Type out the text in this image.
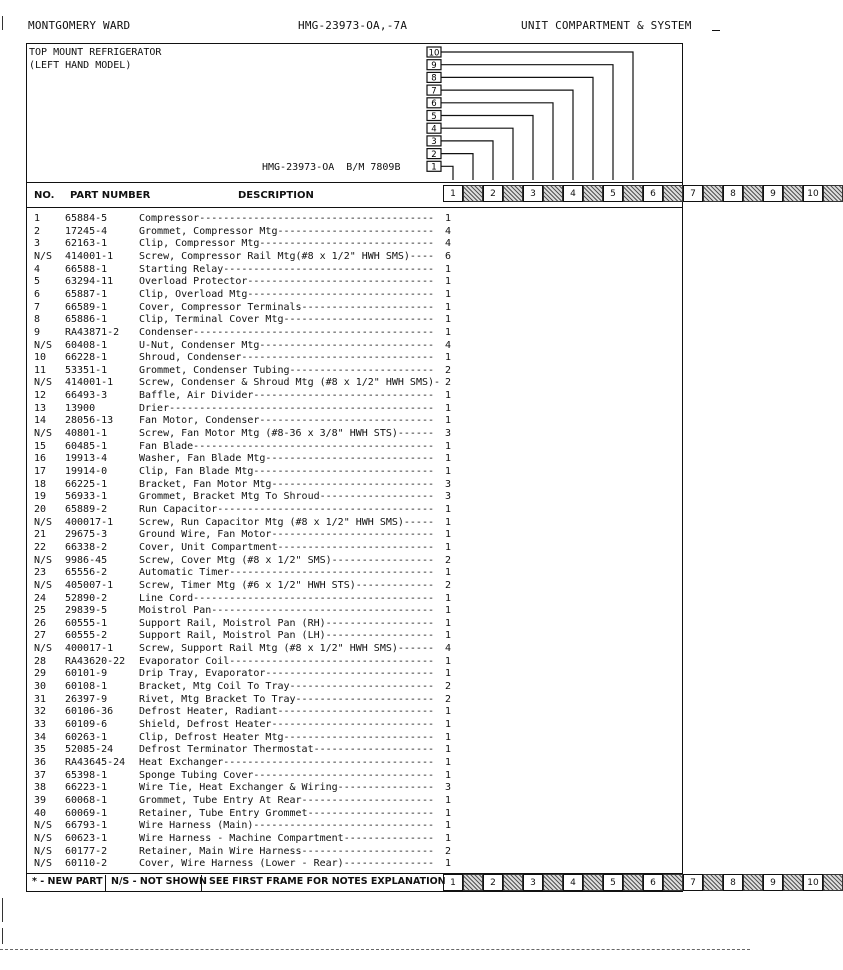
MONTGOMERY WARD	HMG-23973-OA,-7A	UNIT COMPARTMENT & SYSTEM
TOP MOUNT REFRIGERATOR
(LEFT HAND MODEL)
HMG-23973-OA  B/M 7809B
10
9
8
7
6
5
4
3
2
1
NO. PART NUMBER	DESCRIPTION	1	2	3	4	5	6	7	8	9	10
1	2	3	4	5	6	7	8	9	10
1 65884-5	Compressor --------------------------------------- 1
2 17245-4	Grommet, Compressor Mtg -------------------------- 4
3 62163-1	Clip, Compressor Mtg ----------------------------- 4
N/S 414001-1	Screw, Compressor Rail Mtg(#8 x 1/2" HWH SMS) ---- 6
4 66588-1	Starting Relay ----------------------------------- 1
5 63294-11	Overload Protector ------------------------------- 1
6 65887-1	Clip, Overload Mtg ------------------------------- 1
7 66589-1	Cover, Compressor Terminals ---------------------- 1
8 65886-1	Clip, Terminal Cover Mtg ------------------------- 1
9 RA43871-2 Condenser ---------------------------------------- 1
N/S 60408-1	U-Nut, Condenser Mtg ----------------------------- 4
10 66228-1	Shroud, Condenser -------------------------------- 1
11 53351-1	Grommet, Condenser Tubing ------------------------ 2
N/S 414001-1	Screw, Condenser & Shroud Mtg (#8 x 1/2" HWH SMS) - 2
12 66493-3	Baffle, Air Divider ------------------------------ 1
13 13900	Drier -------------------------------------------- 1
14 28056-13	Fan Motor, Condenser ----------------------------- 1
N/S 40801-1	Screw, Fan Motor Mtg (#8-36 x 3/8" HWH STS) ------ 3
15 60485-1	Fan Blade ---------------------------------------- 1
16 19913-4	Washer, Fan Blade Mtg ---------------------------- 1
17 19914-0	Clip, Fan Blade Mtg ------------------------------ 1
18 66225-1	Bracket, Fan Motor Mtg --------------------------- 3
19 56933-1	Grommet, Bracket Mtg To Shroud ------------------- 3
20 65889-2	Run Capacitor ------------------------------------ 1
N/S 400017-1	Screw, Run Capacitor Mtg (#8 x 1/2" HWH SMS) ----- 1
21 29675-3	Ground Wire, Fan Motor --------------------------- 1
22 66338-2	Cover, Unit Compartment -------------------------- 1
N/S 9986-45	Screw, Cover Mtg (#8 x 1/2" SMS) ----------------- 2
23 65556-2	Automatic Timer ---------------------------------- 1
N/S 405007-1	Screw, Timer Mtg (#6 x 1/2" HWH STS) ------------- 2
24 52890-2	Line Cord ---------------------------------------- 1
25 29839-5	Moistrol Pan ------------------------------------- 1
26 60555-1	Support Rail, Moistrol Pan (RH) ------------------ 1
27 60555-2	Support Rail, Moistrol Pan (LH) ------------------ 1
N/S 400017-1	Screw, Support Rail Mtg (#8 x 1/2" HWH SMS) ------ 4
28 RA43620-22 Evaporator Coil ---------------------------------- 1
29 60101-9	Drip Tray, Evaporator ---------------------------- 1
30 60108-1	Bracket, Mtg Coil To Tray ------------------------ 2
31 26397-9	Rivet, Mtg Bracket To Tray ----------------------- 2
32 60106-36	Defrost Heater, Radiant -------------------------- 1
33 60109-6	Shield, Defrost Heater --------------------------- 1
34 60263-1	Clip, Defrost Heater Mtg ------------------------- 1
35 52085-24	Defrost Terminator Thermostat -------------------- 1
36 RA43645-24 Heat Exchanger ----------------------------------- 1
37 65398-1	Sponge Tubing Cover ------------------------------ 1
38 66223-1	Wire Tie, Heat Exchanger & Wiring ---------------- 3
39 60068-1	Grommet, Tube Entry At Rear ---------------------- 1
40 60069-1	Retainer, Tube Entry Grommet --------------------- 1
N/S 66793-1	Wire Harness (Main) ------------------------------ 1
N/S 60623-1	Wire Harness - Machine Compartment --------------- 1
N/S 60177-2	Retainer, Main Wire Harness ---------------------- 2
N/S 60110-2	Cover, Wire Harness (Lower - Rear) --------------- 1
* - NEW PART N/S - NOT SHOWN SEE FIRST FRAME FOR NOTES EXPLANATION
